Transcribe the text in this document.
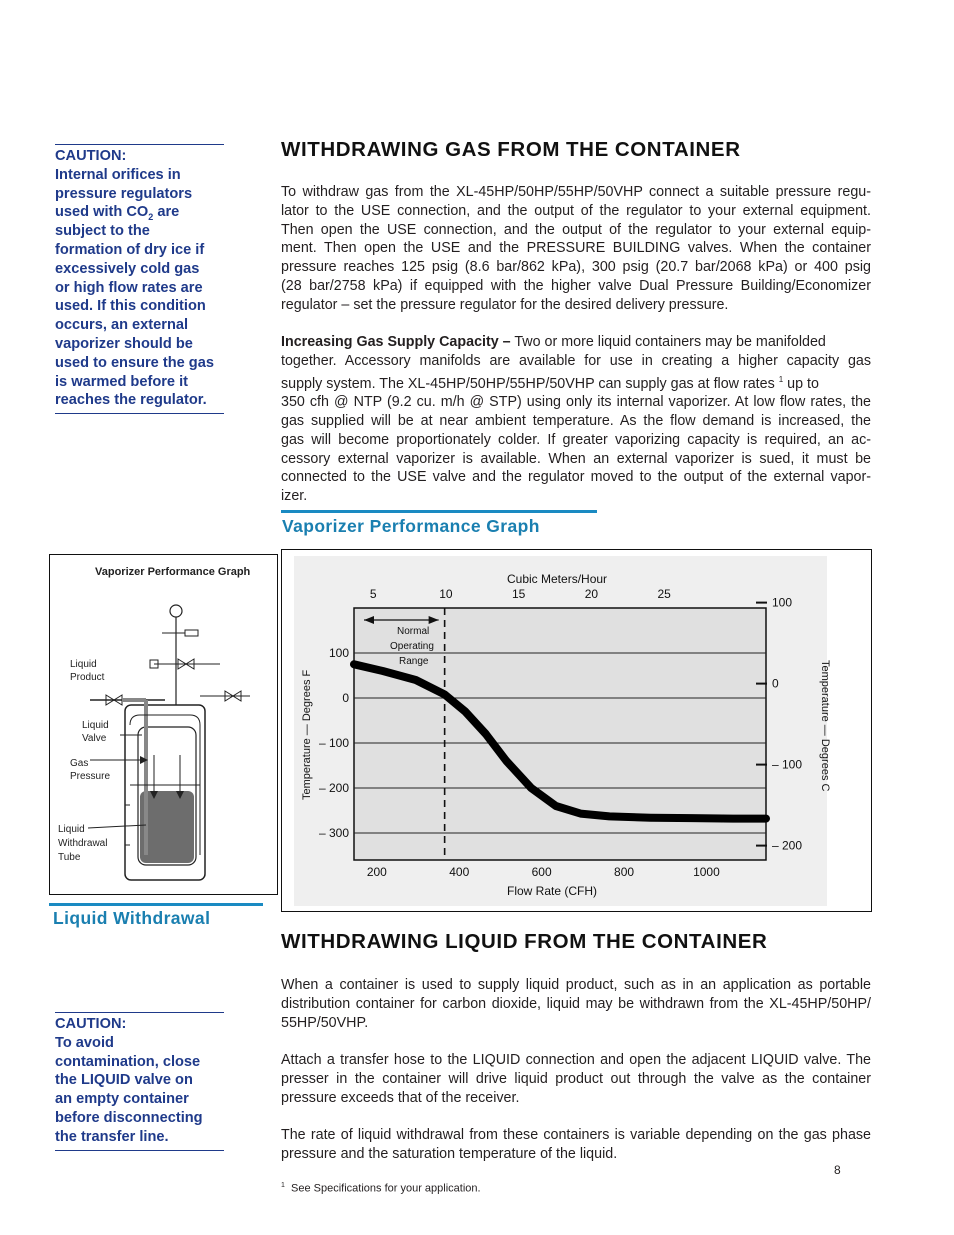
CAUTION:
Internal orifices in
pressure regulators
used with $CO_2$ are
subject to the
formation of dry ice if
excessively cold gas
or high flow rates are
used. If this condition
occurs, an external
vaporizer should be
used to ensure the gas
is warmed before it
reaches the regulator.
WITHDRAWING GAS FROM THE CONTAINER
To withdraw gas from the XL-45HP/50HP/55HP/50VHP connect a suitable pressure regu-
lator to the USE connection, and the output of the regulator to your external equipment.
Then open the USE connection, and the output of the regulator to your external equip-
ment. Then open the USE and the PRESSURE BUILDING valves. When the container
pressure reaches 125 psig (8.6 bar/862 kPa), 300 psig (20.7 bar/2068 kPa) or 400 psig
(28 bar/2758 kPa) if equipped with the higher valve Dual Pressure Building/Economizer
regulator – set the pressure regulator for the desired delivery pressure.
Increasing Gas Supply Capacity – Two or more liquid containers may be manifolded
together. Accessory manifolds are available for use in creating a higher capacity gas
supply system. The XL-45HP/50HP/55HP/50VHP can supply gas at flow rates $^1$ up to
350 cfh @ NTP (9.2 cu. m/h @ STP) using only its internal vaporizer. At low flow rates, the
gas supplied will be at near ambient temperature. As the flow demand is increased, the
gas will become proportionately colder. If greater vaporizing capacity is required, an ac-
cessory external vaporizer is available. When an external vaporizer is sued, it must be
connected to the USE valve and the regulator moved to the output of the external vapor-
izer.
Vaporizer Performance Graph
Vaporizer Performance Graph
Liquid
Product
Liquid
Valve
Gas
Pressure
Liquid
Withdrawal
Tube
Liquid Withdrawal
100
0
– 100
– 200
– 300
100
0
– 100
– 200
200	400	600	800	1000
5	10	15	20	25
Cubic Meters/Hour
Flow Rate (CFH)
Temperature — Degrees F	Temperature — Degrees C
Normal
Operating
Range
WITHDRAWING LIQUID FROM THE CONTAINER
When a container is used to supply liquid product, such as in an application as portable
distribution container for carbon dioxide, liquid may be withdrawn from the XL-45HP/50HP/
55HP/50VHP.
Attach a transfer hose to the LIQUID connection and open the adjacent LIQUID valve. The
presser in the container will drive liquid product out through the valve as the container
pressure exceeds that of the receiver.
The rate of liquid withdrawal from these containers is variable depending on the gas phase
pressure and the saturation temperature of the liquid.
CAUTION:
To avoid
contamination, close
the LIQUID valve on
an empty container
before disconnecting
the transfer line.
8
$^1$ See Specifications for your application.
